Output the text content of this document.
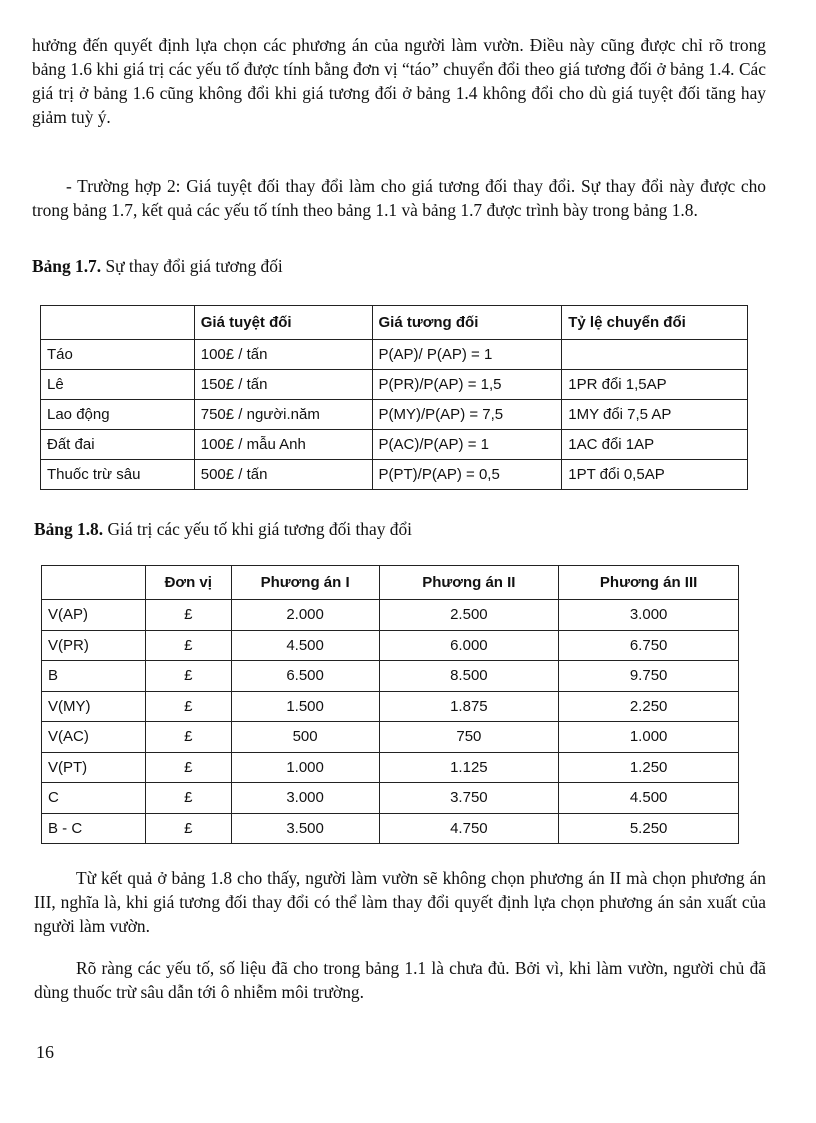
hưởng đến quyết định lựa chọn các phương án của người làm vườn. Điều này cũng được chỉ rõ trong bảng 1.6 khi giá trị các yếu tố được tính bằng đơn vị “táo” chuyển đổi theo giá tương đối ở bảng 1.4. Các giá trị ở bảng 1.6 cũng không đổi khi giá tương đối ở bảng 1.4 không đổi cho dù giá tuyệt đối tăng hay giảm tuỳ ý.

- Trường hợp 2: Giá tuyệt đối thay đổi làm cho giá tương đối thay đổi. Sự thay đổi này được cho trong bảng 1.7, kết quả các yếu tố tính theo bảng 1.1 và bảng 1.7 được trình bày trong bảng 1.8.

Bảng 1.7. Sự thay đổi giá tương đối

	Giá tuyệt đối	Giá tương đối	Tỷ lệ chuyển đổi
Táo	100£ / tấn	P(AP)/ P(AP) = 1	
Lê	150£ / tấn	P(PR)/P(AP) = 1,5	1PR đổi 1,5AP
Lao động	750£ / người.năm	P(MY)/P(AP) = 7,5	1MY đổi 7,5 AP
Đất đai	100£ / mẫu Anh	P(AC)/P(AP) = 1	1AC đổi 1AP
Thuốc trừ sâu	500£ / tấn	P(PT)/P(AP) = 0,5	1PT đổi 0,5AP

Bảng 1.8. Giá trị các yếu tố khi giá tương đối thay đổi

	Đơn vị	Phương án I	Phương án II	Phương án III
V(AP)	£	2.000	2.500	3.000
V(PR)	£	4.500	6.000	6.750
B	£	6.500	8.500	9.750
V(MY)	£	1.500	1.875	2.250
V(AC)	£	500	750	1.000
V(PT)	£	1.000	1.125	1.250
C	£	3.000	3.750	4.500
B - C	£	3.500	4.750	5.250

Từ kết quả ở bảng 1.8 cho thấy, người làm vườn sẽ không chọn phương án II mà chọn phương án III, nghĩa là, khi giá tương đối thay đổi có thể làm thay đổi quyết định lựa chọn phương án sản xuất của người làm vườn.

Rõ ràng các yếu tố, số liệu đã cho trong bảng 1.1 là chưa đủ. Bởi vì, khi làm vườn, người chủ đã dùng thuốc trừ sâu dẫn tới ô nhiễm môi trường.

16
